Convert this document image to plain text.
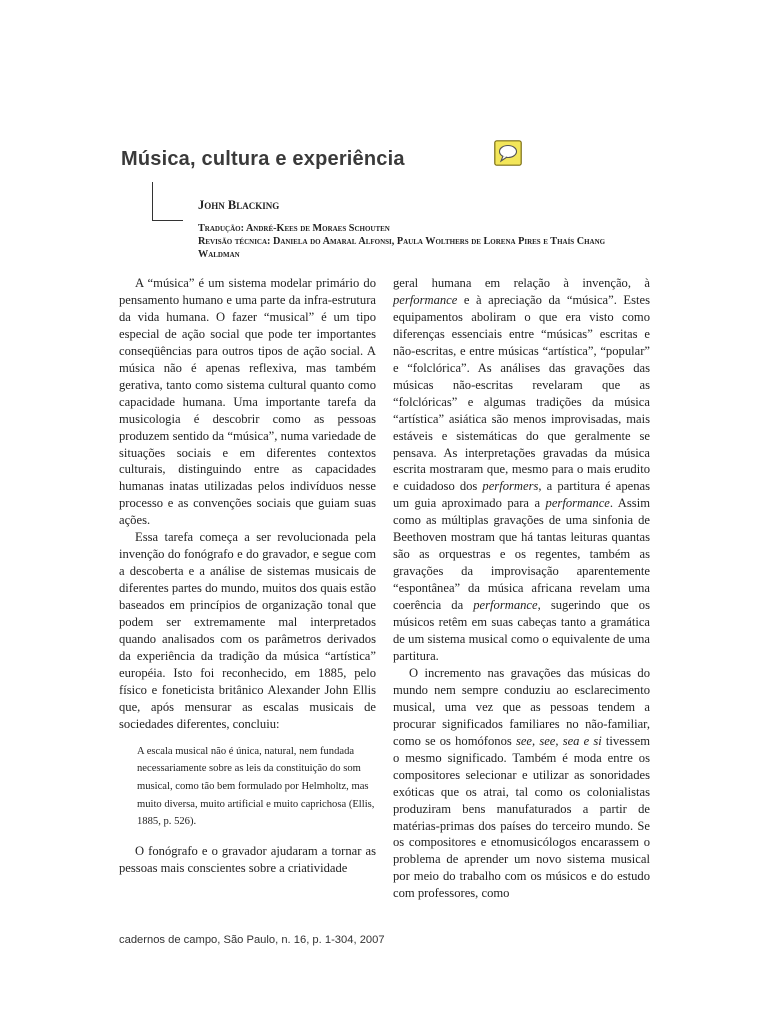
Música, cultura e experiência
John Blacking
Tradução: André-Kees de Moraes Schouten
Revisão técnica: Daniela do Amaral Alfonsi, Paula Wolthers de Lorena Pires e Thaís Chang Waldman

A “música” é um sistema modelar primário do pensamento humano e uma parte da infra-estrutura da vida humana. O fazer “musical” é um tipo especial de ação social que pode ter importantes conseqüências para outros tipos de ação social. A música não é apenas reflexiva, mas também gerativa, tanto como sistema cultural quanto como capacidade humana. Uma importante tarefa da musicologia é descobrir como as pessoas produzem sentido da “música”, numa variedade de situações sociais e em diferentes contextos culturais, distinguindo entre as capacidades humanas inatas utilizadas pelos indivíduos nesse processo e as convenções sociais que guiam suas ações.

Essa tarefa começa a ser revolucionada pela invenção do fonógrafo e do gravador, e segue com a descoberta e a análise de sistemas musicais de diferentes partes do mundo, muitos dos quais estão baseados em princípios de organização tonal que podem ser extremamente mal interpretados quando analisados com os parâmetros derivados da experiência da tradição da música “artística” européia. Isto foi reconhecido, em 1885, pelo físico e foneticista britânico Alexander John Ellis que, após mensurar as escalas musicais de sociedades diferentes, concluiu:

A escala musical não é única, natural, nem fundada necessariamente sobre as leis da constituição do som musical, como tão bem formulado por Helmholtz, mas muito diversa, muito artificial e muito caprichosa (Ellis, 1885, p. 526).

O fonógrafo e o gravador ajudaram a tornar as pessoas mais conscientes sobre a criatividade

geral humana em relação à invenção, à performance e à apreciação da “música”. Estes equipamentos aboliram o que era visto como diferenças essenciais entre “músicas” escritas e não-escritas, e entre músicas “artística”, “popular” e “folclórica”. As análises das gravações das músicas não-escritas revelaram que as “folclóricas” e algumas tradições da música “artística” asiática são menos improvisadas, mais estáveis e sistemáticas do que geralmente se pensava. As interpretações gravadas da música escrita mostraram que, mesmo para o mais erudito e cuidadoso dos performers, a partitura é apenas um guia aproximado para a performance. Assim como as múltiplas gravações de uma sinfonia de Beethoven mostram que há tantas leituras quantas são as orquestras e os regentes, também as gravações da improvisação aparentemente “espontânea” da música africana revelam uma coerência da performance, sugerindo que os músicos retêm em suas cabeças tanto a gramática de um sistema musical como o equivalente de uma partitura.

O incremento nas gravações das músicas do mundo nem sempre conduziu ao esclarecimento musical, uma vez que as pessoas tendem a procurar significados familiares no não-familiar, como se os homófonos see, see, sea e si tivessem o mesmo significado. Também é moda entre os compositores selecionar e utilizar as sonoridades exóticas que os atrai, tal como os colonialistas produziram bens manufaturados a partir de matérias-primas dos países do terceiro mundo. Se os compositores e etnomusicólogos encarassem o problema de aprender um novo sistema musical por meio do trabalho com os músicos e do estudo com professores, como

cadernos de campo, São Paulo, n. 16, p. 1-304, 2007
